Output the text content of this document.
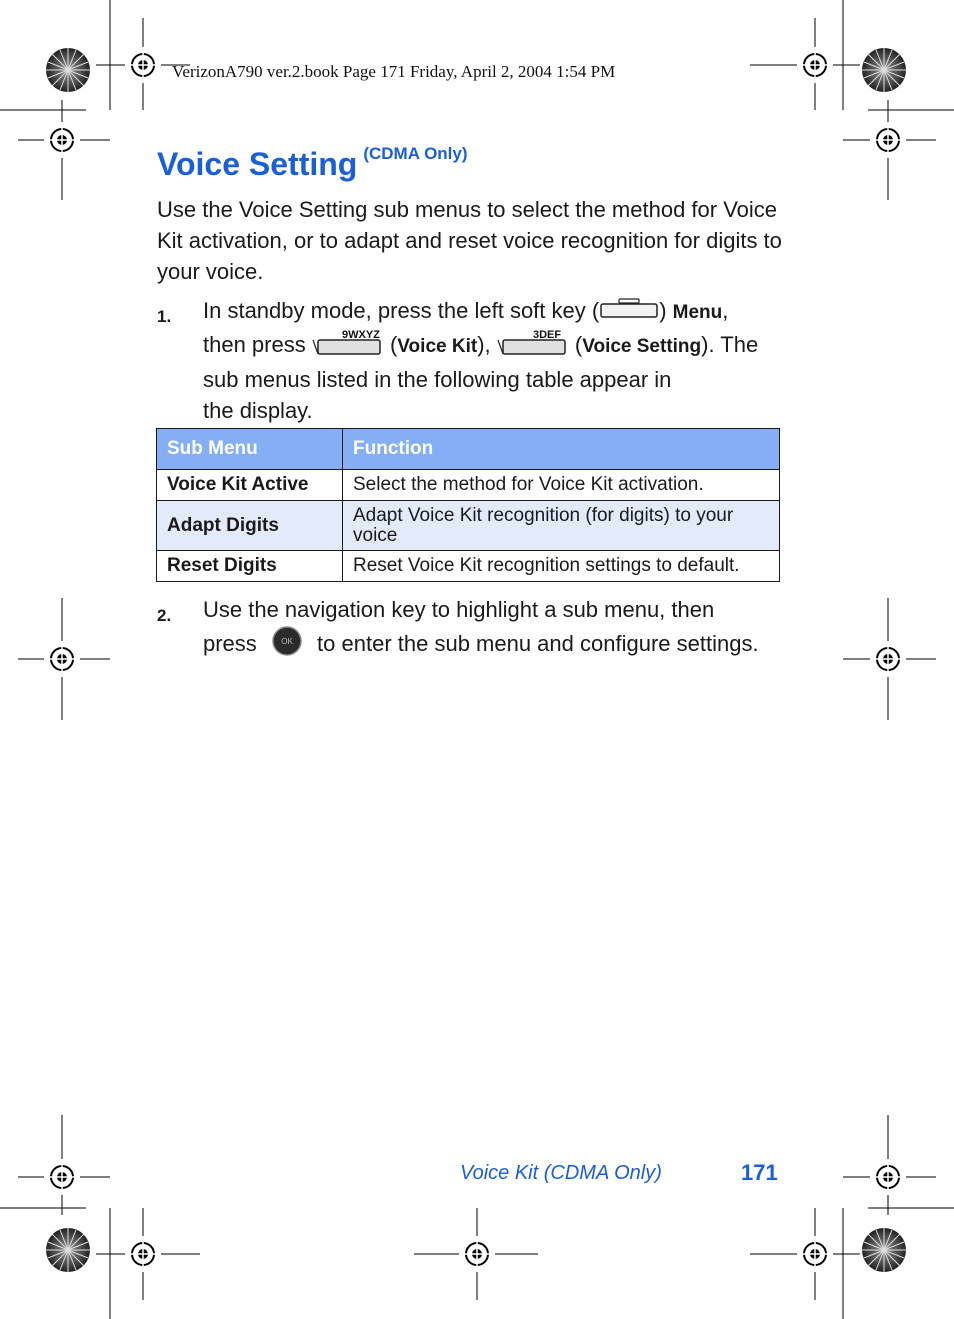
VerizonA790 ver.2.book Page 171 Friday, April 2, 2004 1:54 PM
Voice Setting (CDMA Only)
Use the Voice Setting sub menus to select the method for Voice Kit activation, or to adapt and reset voice recognition for digits to your voice.
1. In standby mode, press the left soft key (	) Menu,
then press	9WXYZ (Voice Kit),	3DEF (Voice Setting). The sub menus listed in the following table appear in
the display.
Sub Menu	Function
Voice Kit Active	Select the method for Voice Kit activation.
Adapt Digits	Adapt Voice Kit recognition (for digits) to your voice
Reset Digits	Reset Voice Kit recognition settings to default.
2. Use the navigation key to highlight a sub menu, then
press	OK to enter the sub menu and configure settings.
Voice Kit (CDMA Only)	171
